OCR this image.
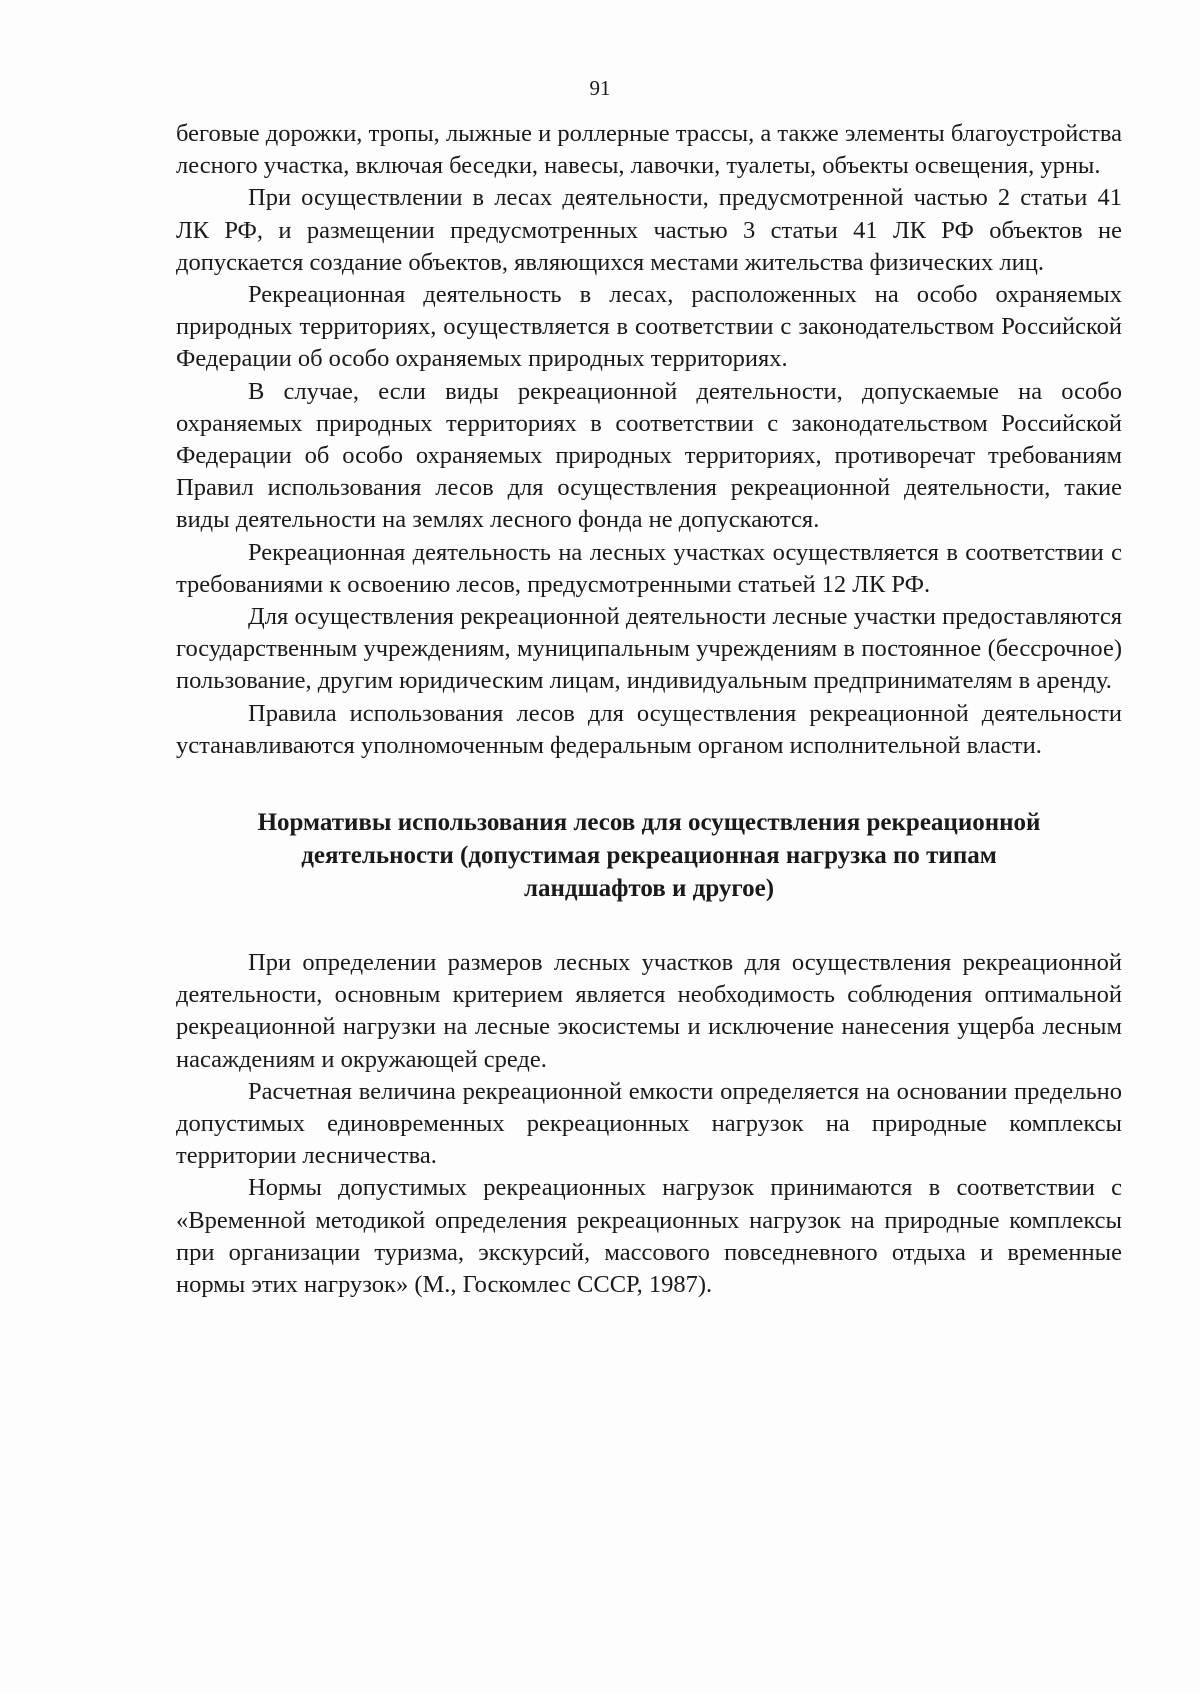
91

беговые дорожки, тропы, лыжные и роллерные трассы, а также элементы благоустройства лесного участка, включая беседки, навесы, лавочки, туалеты, объекты освещения, урны.

При осуществлении в лесах деятельности, предусмотренной частью 2 статьи 41 ЛК РФ, и размещении предусмотренных частью 3 статьи 41 ЛК РФ объектов не допускается создание объектов, являющихся местами жительства физических лиц.

Рекреационная деятельность в лесах, расположенных на особо охраняемых природных территориях, осуществляется в соответствии с законодательством Российской Федерации об особо охраняемых природных территориях.

В случае, если виды рекреационной деятельности, допускаемые на особо охраняемых природных территориях в соответствии с законодательством Российской Федерации об особо охраняемых природных территориях, противоречат требованиям Правил использования лесов для осуществления рекреационной деятельности, такие виды деятельности на землях лесного фонда не допускаются.

Рекреационная деятельность на лесных участках осуществляется в соответствии с требованиями к освоению лесов, предусмотренными статьей 12 ЛК РФ.

Для осуществления рекреационной деятельности лесные участки предоставляются государственным учреждениям, муниципальным учреждениям в постоянное (бессрочное) пользование, другим юридическим лицам, индивидуальным предпринимателям в аренду.

Правила использования лесов для осуществления рекреационной деятельности устанавливаются уполномоченным федеральным органом исполнительной власти.

Нормативы использования лесов для осуществления рекреационной деятельности (допустимая рекреационная нагрузка по типам ландшафтов и другое)

При определении размеров лесных участков для осуществления рекреационной деятельности, основным критерием является необходимость соблюдения оптимальной рекреационной нагрузки на лесные экосистемы и исключение нанесения ущерба лесным насаждениям и окружающей среде.

Расчетная величина рекреационной емкости определяется на основании предельно допустимых единовременных рекреационных нагрузок на природные комплексы территории лесничества.

Нормы допустимых рекреационных нагрузок принимаются в соответствии с «Временной методикой определения рекреационных нагрузок на природные комплексы при организации туризма, экскурсий, массового повседневного отдыха и временные нормы этих нагрузок» (М., Госкомлес СССР, 1987).
